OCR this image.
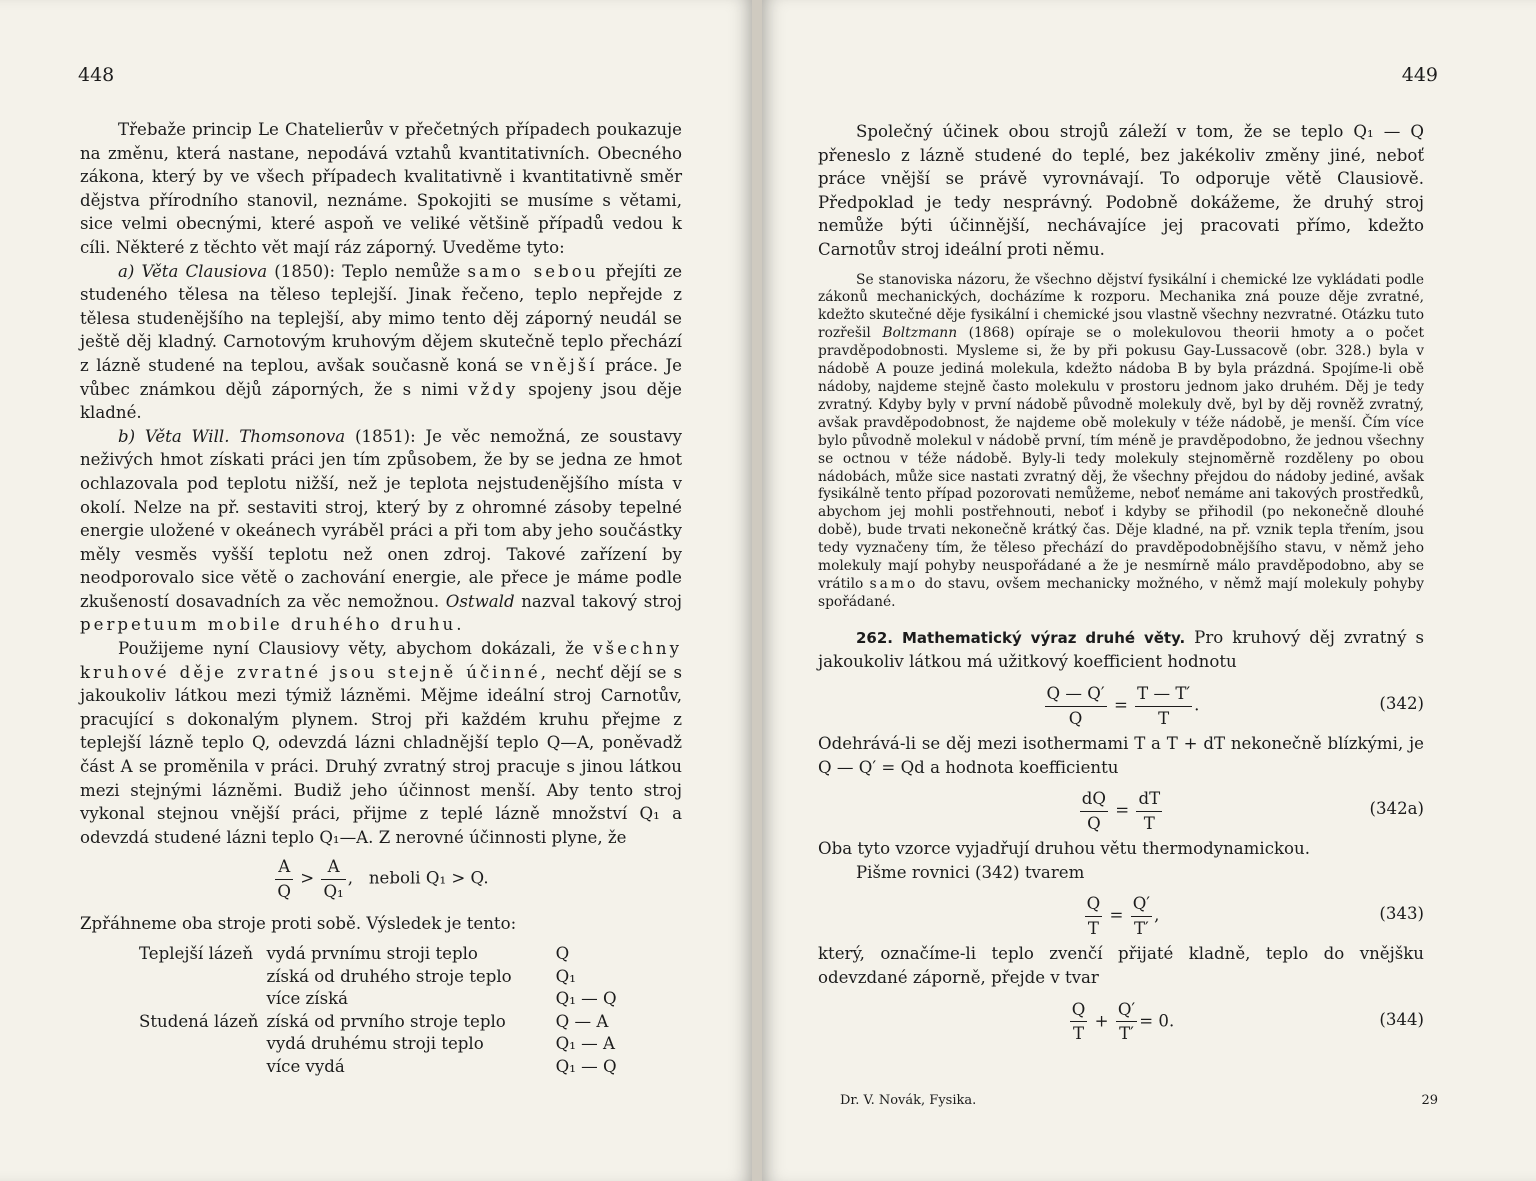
448

Třebaže princip Le Chatelierův v přečetných případech poukazuje na změnu, která nastane, nepodává vztahů kvantitativních. Obecného zákona, který by ve všech případech kvalitativně i kvantitativně směr dějstva přírodního stanovil, neznáme. Spokojiti se musíme s větami, sice velmi obecnými, které aspoň ve veliké většině případů vedou k cíli. Některé z těchto vět mají ráz záporný. Uveděme tyto:

a) Věta Clausiova (1850): Teplo nemůže samo sebou přejíti ze studeného tělesa na těleso teplejší. Jinak řečeno, teplo nepřejde z tělesa studenějšího na teplejší, aby mimo tento děj záporný neudál se ještě děj kladný. Carnotovým kruhovým dějem skutečně teplo přechází z lázně studené na teplou, avšak současně koná se vnější práce. Je vůbec známkou dějů záporných, že s nimi vždy spojeny jsou děje kladné.

b) Věta Will. Thomsonova (1851): Je věc nemožná, ze soustavy neživých hmot získati práci jen tím způsobem, že by se jedna ze hmot ochlazovala pod teplotu nižší, než je teplota nejstudenějšího místa v okolí. Nelze na př. sestaviti stroj, který by z ohromné zásoby tepelné energie uložené v okeánech vyráběl práci a při tom aby jeho součástky měly vesměs vyšší teplotu než onen zdroj. Takové zařízení by neodporovalo sice větě o zachování energie, ale přece je máme podle zkušeností dosavadních za věc nemožnou. Ostwald nazval takový stroj perpetuum mobile druhého druhu.

Použijeme nyní Clausiovy věty, abychom dokázali, že všechny kruhové děje zvratné jsou stejně účinné, nechť dějí se s jakoukoliv látkou mezi týmiž lázněmi. Mějme ideální stroj Carnotův, pracující s dokonalým plynem. Stroj při každém kruhu přejme z teplejší lázně teplo Q, odevzdá lázni chladnější teplo Q—A, poněvadž část A se proměnila v práci. Druhý zvratný stroj pracuje s jinou látkou mezi stejnými lázněmi. Budiž jeho účinnost menší. Aby tento stroj vykonal stejnou vnější práci, přijme z teplé lázně množství Q₁ a odevzdá studené lázni teplo Q₁—A. Z nerovné účinnosti plyne, že

$\frac{A}{Q} > \frac{A}{\text{Q₁}}$ , neboli Q₁ > Q.

Zpřáhneme oba stroje proti sobě. Výsledek je tento:

Teplejší lázeň	vydá prvnímu stroji teplo	Q
	získá od druhého stroje teplo	Q₁
	více získá	Q₁ — Q
Studená lázeň	získá od prvního stroje teplo	Q — A
	vydá druhému stroji teplo	Q₁ — A
	více vydá	Q₁ — Q
449

Společný účinek obou strojů záleží v tom, že se teplo Q₁ — Q přeneslo z lázně studené do teplé, bez jakékoliv změny jiné, neboť práce vnější se právě vyrovnávají. To odporuje větě Clausiově. Předpoklad je tedy nesprávný. Podobně dokážeme, že druhý stroj nemůže býti účinnější, nechávajíce jej pracovati přímo, kdežto Carnotův stroj ideální proti němu.

Se stanoviska názoru, že všechno dějství fysikální i chemické lze vykládati podle zákonů mechanických, docházíme k rozporu. Mechanika zná pouze děje zvratné, kdežto skutečné děje fysikální i chemické jsou vlastně všechny nezvratné. Otázku tuto rozřešil Boltzmann (1868) opíraje se o molekulovou theorii hmoty a o počet pravděpodobnosti. Mysleme si, že by při pokusu Gay-Lussacově (obr. 328.) byla v nádobě A pouze jediná molekula, kdežto nádoba B by byla prázdná. Spojíme-li obě nádoby, najdeme stejně často molekulu v prostoru jednom jako druhém. Děj je tedy zvratný. Kdyby byly v první nádobě původně molekuly dvě, byl by děj rovněž zvratný, avšak pravděpodobnost, že najdeme obě molekuly v téže nádobě, je menší. Čím více bylo původně molekul v nádobě první, tím méně je pravděpodobno, že jednou všechny se octnou v téže nádobě. Byly-li tedy molekuly stejnoměrně rozděleny po obou nádobách, může sice nastati zvratný děj, že všechny přejdou do nádoby jediné, avšak fysikálně tento případ pozorovati nemůžeme, neboť nemáme ani takových prostředků, abychom jej mohli postřehnouti, neboť i kdyby se přihodil (po nekonečně dlouhé době), bude trvati nekonečně krátký čas. Děje kladné, na př. vznik tepla třením, jsou tedy vyznačeny tím, že těleso přechází do pravděpodobnějšího stavu, v němž jeho molekuly mají pohyby neuspořádané a že je nesmírně málo pravděpodobno, aby se vrátilo samo do stavu, ovšem mechanicky možného, v němž mají molekuly pohyby spořádané.

262. Mathematický výraz druhé věty. Pro kruhový děj zvratný s jakoukoliv látkou má užitkový koefficient hodnotu

$\frac{Q — Q'}{Q} = \frac{T — T'}{T}$ .	(342)

Odehrává-li se děj mezi isothermami T a T + dT nekonečně blízkými, je Q — Q′ = Qd a hodnota koefficientu

$\frac{dQ}{Q} = \frac{dT}{T}$	(342a)

Oba tyto vzorce vyjadřují druhou větu thermodynamickou.

Pišme rovnici (342) tvarem

$\frac{Q}{T} = \frac{Q'}{T'}$ ,	(343)

který, označíme-li teplo zvenčí přijaté kladně, teplo do vnějšku odevzdané záporně, přejde v tvar

$\frac{Q}{T} + \frac{Q'}{T'} = 0$.	(344)
Dr. V. Novák, Fysika.	29
